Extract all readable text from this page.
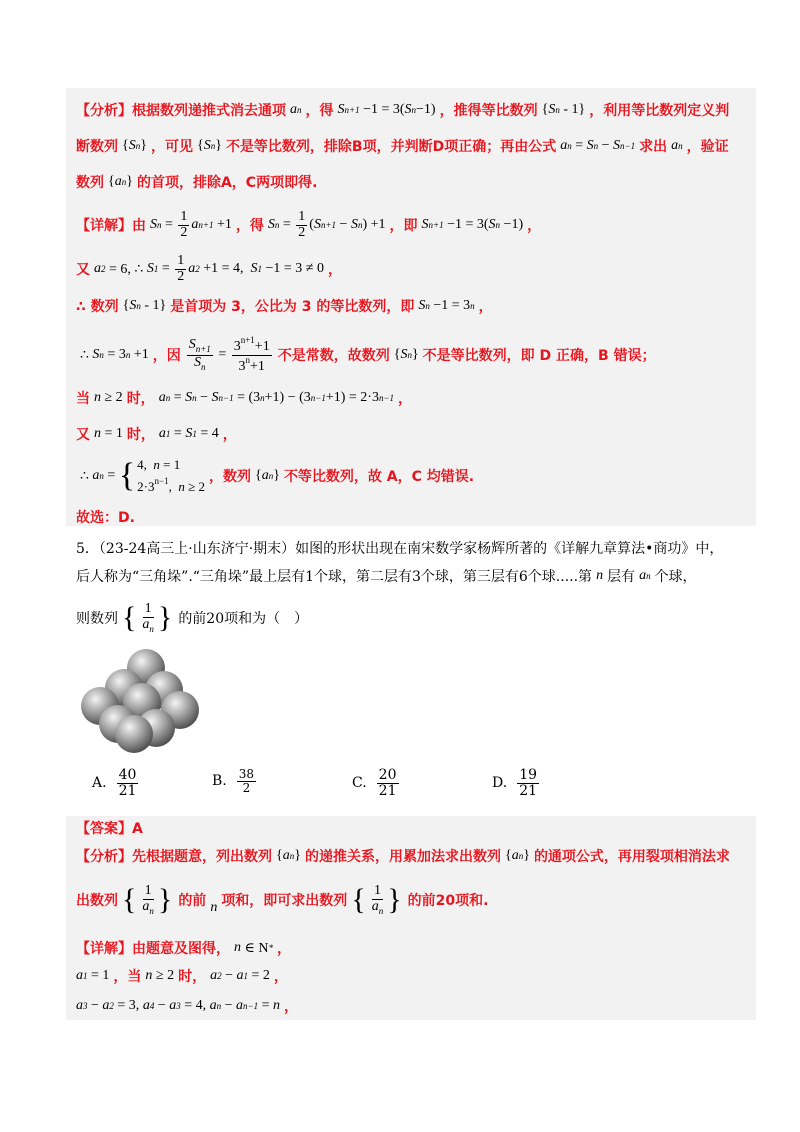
【分析】 根据数列递推式消去通项 a n ，得 S n+1 −1 = 3( S n −1) ，推得等比数列 { S n - 1} ，利用等比数列定义判
断数列 { S n } ，可见 { S n } 不是等比数列，排除B项，并判断D项正确；再由公式 a n = S n − S n−1 求出 a n ，验证
数列 { a n } 的首项，排除A，C两项即得.
【详解】 由 S $n = \frac{1}{2}$ a n+1 +1 ，得 S $n = \frac{1}{2}$ ( S n+1 − S n ) +1 ，即 S n+1 −1 = 3( S n −1) ，
又 a 2 = 6, ∴ S $1 = \frac{1}{2}$ a 2 +1 = 4, S 1 −1 = 3 ≠ 0 ，
∴ 数列 { S n - 1} 是首项为 3，公比为 3 的等比数列，即 S n −1 = 3 n ，
∴ S n = 3 n +1 ，因 $\frac{S_{n+1}}{S_n} = \frac{3^{n+1}+1}{3^n+1}$ 不是常数，故数列 { S n } 不是等比数列，即 D 正确，B 错误；
当 n ≥ 2 时， a n = S n − S n−1 = (3 n +1) − (3 n−1 +1) = 2·3 n−1 ，
又 n = 1 时， a 1 = S 1 = 4 ，
∴ a n = { 4,  n = 1
$2\cdot 3^{n-1}$,  n ≥ 2
，数列 { a n } 不等比数列，故 A，C 均错误.
故选：D.
5．（23-24高三上·山东济宁·期末）如图的形状出现在南宋数学家杨辉所著的《详解九章算法•商功》中，
后人称为“三角垛”.“三角垛”最上层有1个球，第二层有3个球，第三层有6个球.....第 n 层有 a n 个球，
则数列 { $\frac{1}{a_n}$ } 的前20项和为（　）
A. $\frac{40}{21}$	B. $\frac{38}{2}$	C. $\frac{20}{21}$	D. $\frac{19}{21}$
【答案】A
【分析】 先根据题意，列出数列 { a n } 的递推关系，用累加法求出数列 { a n } 的通项公式，再用裂项相消法求
出数列 { $\frac{1}{a_n}$ } 的前 n 项和，即可求出数列 { $\frac{1}{a_n}$ } 的前20项和.
【详解】 由题意及图得， n ∈ N * ，
a 1 = 1 ，当 n ≥ 2 时， a 2 − a 1 = 2 ，
a 3 − a 2 = 3, a 4 − a 3 = 4, a n − a n−1 = n ，
